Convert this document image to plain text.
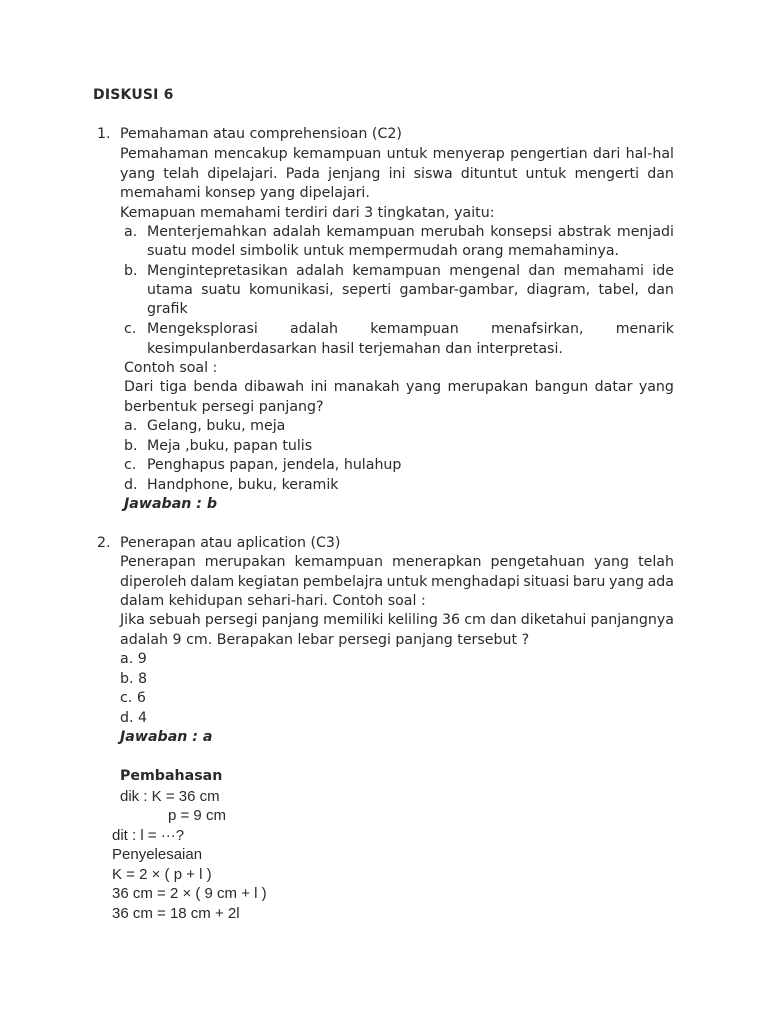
DISKUSI 6
1. Pemahaman atau comprehensioan (C2)
Pemahaman mencakup kemampuan untuk menyerap pengertian dari hal-hal
yang telah dipelajari. Pada jenjang ini siswa dituntut untuk mengerti dan
memahami konsep yang dipelajari.
Kemapuan memahami terdiri dari 3 tingkatan, yaitu:
a. Menterjemahkan adalah kemampuan merubah konsepsi abstrak menjadi
suatu model simbolik untuk mempermudah orang memahaminya.
b. Mengintepretasikan adalah kemampuan mengenal dan memahami ide
utama suatu komunikasi, seperti gambar-gambar, diagram, tabel, dan
grafik
c. Mengeksplorasi adalah kemampuan menafsirkan, menarik
kesimpulanberdasarkan hasil terjemahan dan interpretasi.
Contoh soal :
Dari tiga benda dibawah ini manakah yang merupakan bangun datar yang
berbentuk persegi panjang?
a. Gelang, buku, meja
b. Meja ,buku, papan tulis
c. Penghapus papan, jendela, hulahup
d. Handphone, buku, keramik
Jawaban : b
2. Penerapan atau aplication (C3)
Penerapan merupakan kemampuan menerapkan pengetahuan yang telah
diperoleh dalam kegiatan pembelajra untuk menghadapi situasi baru yang ada
dalam kehidupan sehari-hari. Contoh soal :
Jika sebuah persegi panjang memiliki keliling 36 cm dan diketahui panjangnya
adalah 9 cm. Berapakan lebar persegi panjang tersebut ?
a. 9
b. 8
c. 6
d. 4
Jawaban : a
Pembahasan
dik : K = 36 cm
p = 9 cm
dit : l = ···?
Penyelesaian
K = 2 × ( p + l )
36 cm = 2 × ( 9 cm + l )
36 cm = 18 cm + 2l
